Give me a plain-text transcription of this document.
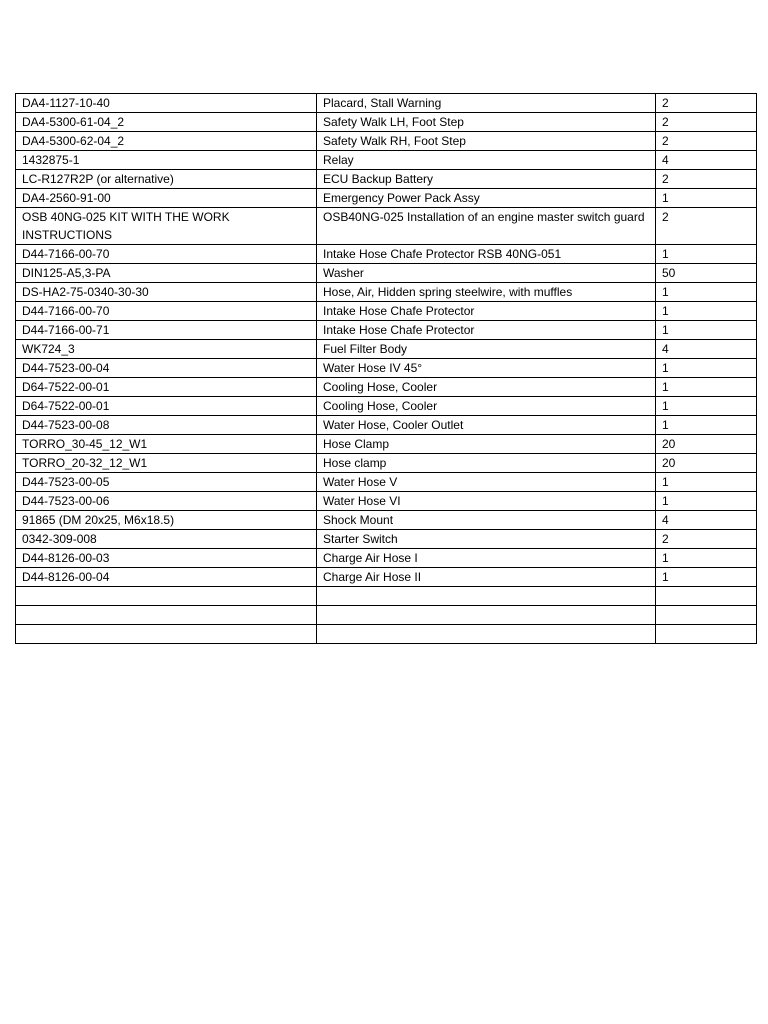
DA4-1127-10-40	Placard, Stall Warning	2
DA4-5300-61-04_2	Safety Walk LH, Foot Step	2
DA4-5300-62-04_2	Safety Walk RH, Foot Step	2
1432875-1	Relay	4
LC-R127R2P (or alternative)	ECU Backup Battery	2
DA4-2560-91-00	Emergency Power Pack Assy	1
OSB 40NG-025 KIT WITH THE WORK INSTRUCTIONS	OSB40NG-025 Installation of an engine master switch guard	2
D44-7166-00-70	Intake Hose Chafe Protector RSB 40NG-051	1
DIN125-A5,3-PA	Washer	50
DS-HA2-75-0340-30-30	Hose, Air, Hidden spring steelwire, with muffles	1
D44-7166-00-70	Intake Hose Chafe Protector	1
D44-7166-00-71	Intake Hose Chafe Protector	1
WK724_3	Fuel Filter Body	4
D44-7523-00-04	Water Hose IV 45°	1
D64-7522-00-01	Cooling Hose, Cooler	1
D64-7522-00-01	Cooling Hose, Cooler	1
D44-7523-00-08	Water Hose, Cooler Outlet	1
TORRO_30-45_12_W1	Hose Clamp	20
TORRO_20-32_12_W1	Hose clamp	20
D44-7523-00-05	Water Hose V	1
D44-7523-00-06	Water Hose VI	1
91865 (DM 20x25, M6x18.5)	Shock Mount	4
0342-309-008	Starter Switch	2
D44-8126-00-03	Charge Air Hose I	1
D44-8126-00-04	Charge Air Hose II	1
